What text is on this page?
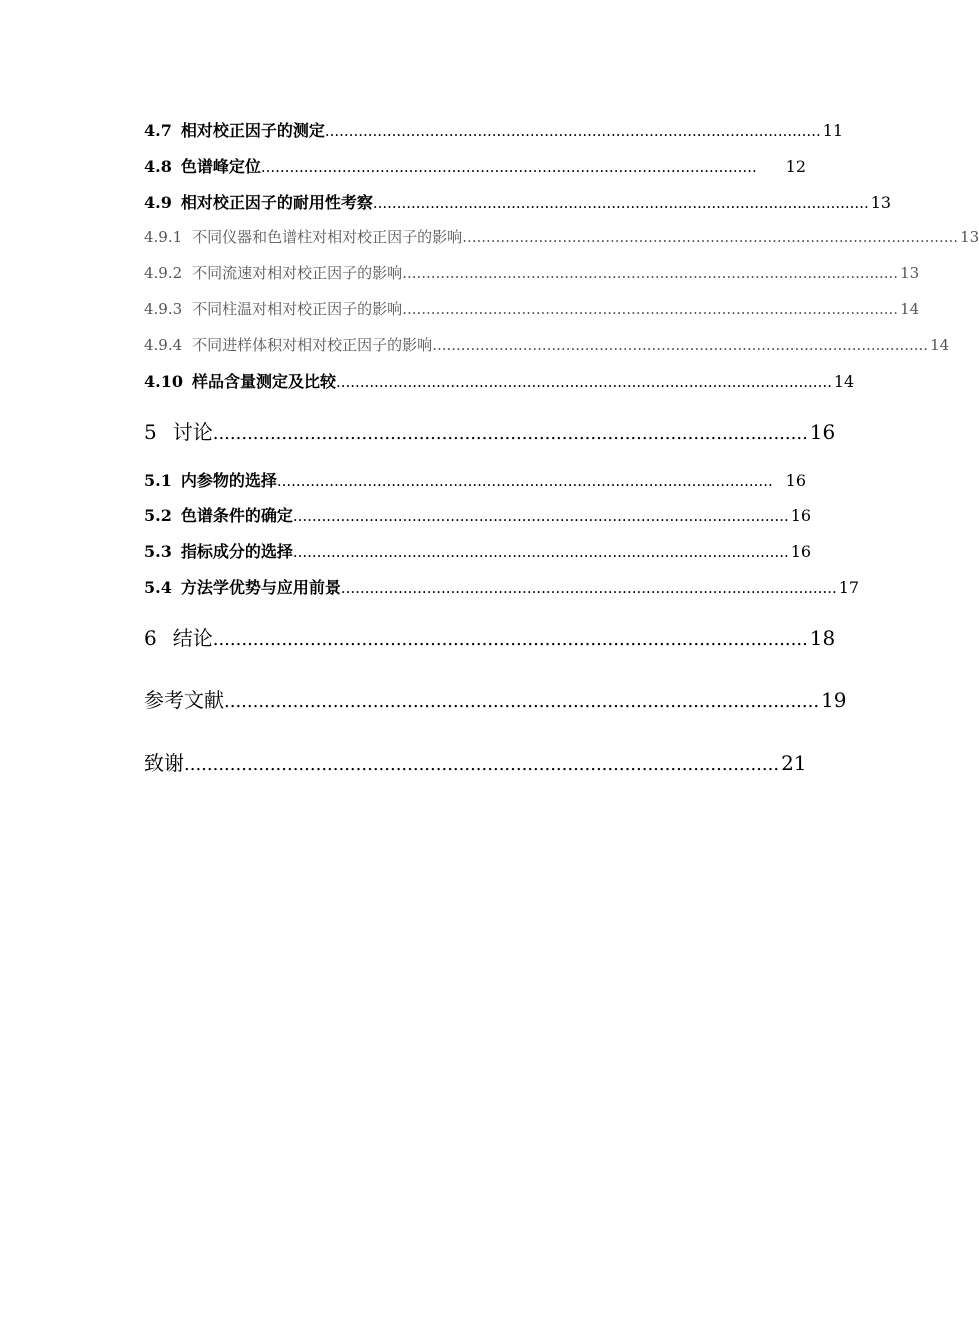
4.7 相对校正因子的测定 ........................................................................................................ 11
4.8 色谱峰定位 ........................................................................................................	12
4.9 相对校正因子的耐用性考察 ........................................................................................................ 13
4.9.1 不同仪器和色谱柱对相对校正因子的影响 ........................................................................................................ 13
4.9.2 不同流速对相对校正因子的影响 ........................................................................................................ 13
4.9.3 不同柱温对相对校正因子的影响 ........................................................................................................ 14
4.9.4 不同进样体积对相对校正因子的影响 ........................................................................................................ 14
4.10 样品含量测定及比较 ........................................................................................................ 14
5 讨论 ........................................................................................................ 16
5.1 内参物的选择 ........................................................................................................ 16
5.2 色谱条件的确定 ........................................................................................................ 16
5.3 指标成分的选择 ........................................................................................................ 16
5.4 方法学优势与应用前景 ........................................................................................................ 17
6 结论 ........................................................................................................ 18
参考文献 ........................................................................................................ 19
致谢 ........................................................................................................ 21
